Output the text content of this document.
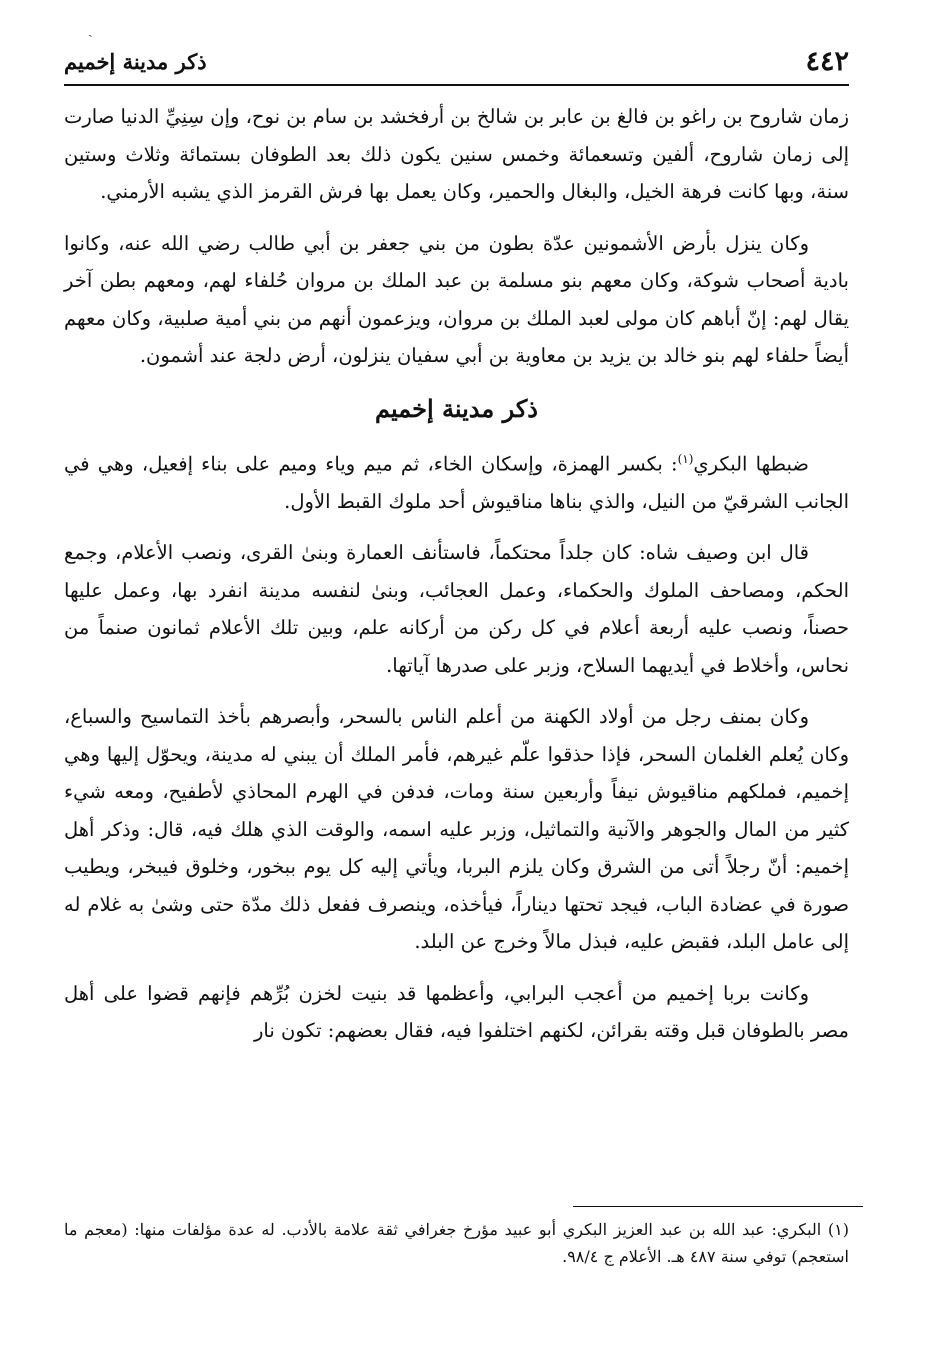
ˎ
٤٤٢
ذكر مدينة إخميم

زمان شاروح بن راغو بن فالغ بن عابر بن شالخ بن أرفخشد بن سام بن نوح، وإن سِنِيِّ الدنيا صارت إلى زمان شاروح، ألفين وتسعمائة وخمس سنين يكون ذلك بعد الطوفان بستمائة وثلاث وستين سنة، وبها كانت فرهة الخيل، والبغال والحمير، وكان يعمل بها فرش القرمز الذي يشبه الأرمني.

وكان ينزل بأرض الأشمونين عدّة بطون من بني جعفر بن أبي طالب رضي الله عنه، وكانوا بادية أصحاب شوكة، وكان معهم بنو مسلمة بن عبد الملك بن مروان حُلفاء لهم، ومعهم بطن آخر يقال لهم: إنّ أباهم كان مولى لعبد الملك بن مروان، ويزعمون أنهم من بني أمية صلبية، وكان معهم أيضاً حلفاء لهم بنو خالد بن يزيد بن معاوية بن أبي سفيان ينزلون، أرض دلجة عند أشمون.

ذكر مدينة إخميم

ضبطها البكري$^{(١)}$: بكسر الهمزة، وإسكان الخاء، ثم ميم وياء وميم على بناء إفعيل، وهي في الجانب الشرقيّ من النيل، والذي بناها مناقيوش أحد ملوك القبط الأول.

قال ابن وصيف شاه: كان جلداً محتكماً، فاستأنف العمارة وبنىٰ القرى، ونصب الأعلام، وجمع الحكم، ومصاحف الملوك والحكماء، وعمل العجائب، وبنىٰ لنفسه مدينة انفرد بها، وعمل عليها حصناً، ونصب عليه أربعة أعلام في كل ركن من أركانه علم، وبين تلك الأعلام ثمانون صنماً من نحاس، وأخلاط في أيديهما السلاح، وزبر على صدرها آياتها.

وكان بمنف رجل من أولاد الكهنة من أعلم الناس بالسحر، وأبصرهم بأخذ التماسيح والسباع، وكان يُعلم الغلمان السحر، فإذا حذقوا علّم غيرهم، فأمر الملك أن يبني له مدينة، ويحوّل إليها وهي إخميم، فملكهم مناقيوش نيفاً وأربعين سنة ومات، فدفن في الهرم المحاذي لأطفيح، ومعه شيء كثير من المال والجوهر والآنية والتماثيل، وزبر عليه اسمه، والوقت الذي هلك فيه، قال: وذكر أهل إخميم: أنّ رجلاً أتى من الشرق وكان يلزم البربا، ويأتي إليه كل يوم ببخور، وخلوق فيبخر، ويطيب صورة في عضادة الباب، فيجد تحتها ديناراً، فيأخذه، وينصرف ففعل ذلك مدّة حتى وشىٰ به غلام له إلى عامل البلد، فقبض عليه، فبذل مالاً وخرج عن البلد.

وكانت بربا إخميم من أعجب البرابي، وأعظمها قد بنيت لخزن بُرِّهم فإنهم قضوا على أهل مصر بالطوفان قبل وقته بقرائن، لكنهم اختلفوا فيه، فقال بعضهم: تكون نار

(١) البكري: عبد الله بن عبد العزيز البكري أبو عبيد مؤرخ جغرافي ثقة علامة بالأدب. له عدة مؤلفات منها: (معجم ما استعجم) توفي سنة ٤٨٧ هـ. الأعلام ج ٩٨/٤.
